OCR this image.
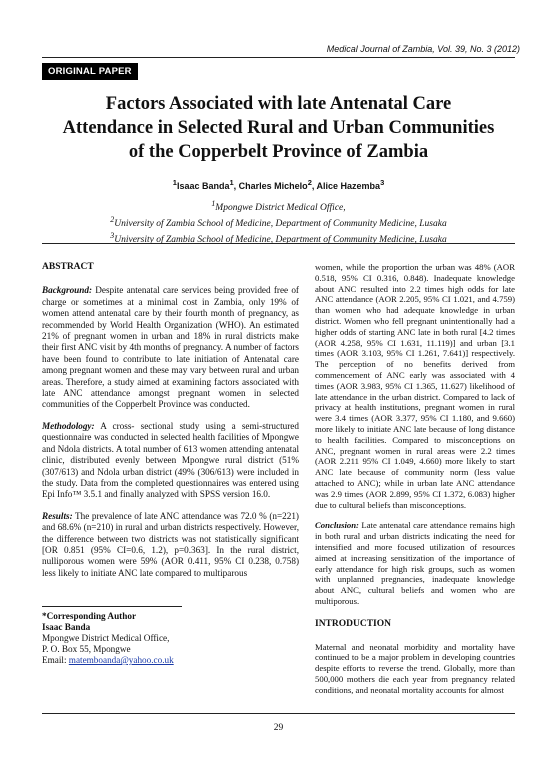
Medical Journal of Zambia, Vol. 39, No. 3 (2012)
ORIGINAL PAPER
Factors Associated with late Antenatal Care
Attendance in Selected Rural and Urban Communities
of the Copperbelt Province of Zambia
$^1$Isaac Banda$^1$, Charles Michelo$^2$, Alice Hazemba$^3$
$^1$Mpongwe District Medical Office,
$^2$University of Zambia School of Medicine, Department of Community Medicine, Lusaka
$^3$University of Zambia School of Medicine, Department of Community Medicine, Lusaka
ABSTRACT

Background: Despite antenatal care services being provided free of charge or sometimes at a minimal cost in Zambia, only 19% of women attend antenatal care by their fourth month of pregnancy, as recommended by World Health Organization (WHO). An estimated 21% of pregnant women in urban and 18% in rural districts make their first ANC visit by 4th months of pregnancy. A number of factors have been found to contribute to late initiation of Antenatal care among pregnant women and these may vary between rural and urban areas. Therefore, a study aimed at examining factors associated with late ANC attendance amongst pregnant women in selected communities of the Copperbelt Province was conducted.

Methodology: A cross- sectional study using a semi-structured questionnaire was conducted in selected health facilities of Mpongwe and Ndola districts. A total number of 613 women attending antenatal clinic, distributed evenly between Mpongwe rural district (51% (307/613) and Ndola urban district (49% (306/613) were included in the study. Data from the completed questionnaires was entered using Epi Info™ 3.5.1 and finally analyzed with SPSS version 16.0.

Results: The prevalence of late ANC attendance was 72.0 % (n=221) and 68.6% (n=210) in rural and urban districts respectively. However, the difference between two districts was not statistically significant [OR 0.851 (95% CI=0.6, 1.2), p=0.363]. In the rural district, nulliporous women were 59% (AOR 0.411, 95% CI 0.238, 0.758) less likely to initiate ANC late compared to multiparous

*Corresponding Author
Isaac Banda
Mpongwe District Medical Office,
P. O. Box 55, Mpongwe
Email: matemboanda@yahoo.co.uk

women, while the proportion the urban was 48% (AOR 0.518, 95% CI 0.316, 0.848). Inadequate knowledge about ANC resulted into 2.2 times high odds for late ANC attendance (AOR 2.205, 95% CI 1.021, and 4.759) than women who had adequate knowledge in urban district. Women who fell pregnant unintentionally had a higher odds of starting ANC late in both rural [4.2 times (AOR 4.258, 95% CI 1.631, 11.119)] and urban [3.1 times (AOR 3.103, 95% CI 1.261, 7.641)] respectively. The perception of no benefits derived from commencement of ANC early was associated with 4 times (AOR 3.983, 95% CI 1.365, 11.627) likelihood of late attendance in the urban district. Compared to lack of privacy at health institutions, pregnant women in rural were 3.4 times (AOR 3.377, 95% CI 1.180, and 9.660) more likely to initiate ANC late because of long distance to health facilities. Compared to misconceptions on ANC, pregnant women in rural areas were 2.2 times (AOR 2.211 95% CI 1.049, 4.660) more likely to start ANC late because of community norm (less value attached to ANC); while in urban late ANC attendance was 2.9 times (AOR 2.899, 95% CI 1.372, 6.083) higher due to cultural beliefs than misconceptions.

Conclusion: Late antenatal care attendance remains high in both rural and urban districts indicating the need for intensified and more focused utilization of resources aimed at increasing sensitization of the importance of early attendance for high risk groups, such as women with unplanned pregnancies, inadequate knowledge about ANC, cultural beliefs and women who are multiporous.

INTRODUCTION

Maternal and neonatal morbidity and mortality have continued to be a major problem in developing countries despite efforts to reverse the trend. Globally, more than 500,000 mothers die each year from pregnancy related conditions, and neonatal mortality accounts for almost

29
